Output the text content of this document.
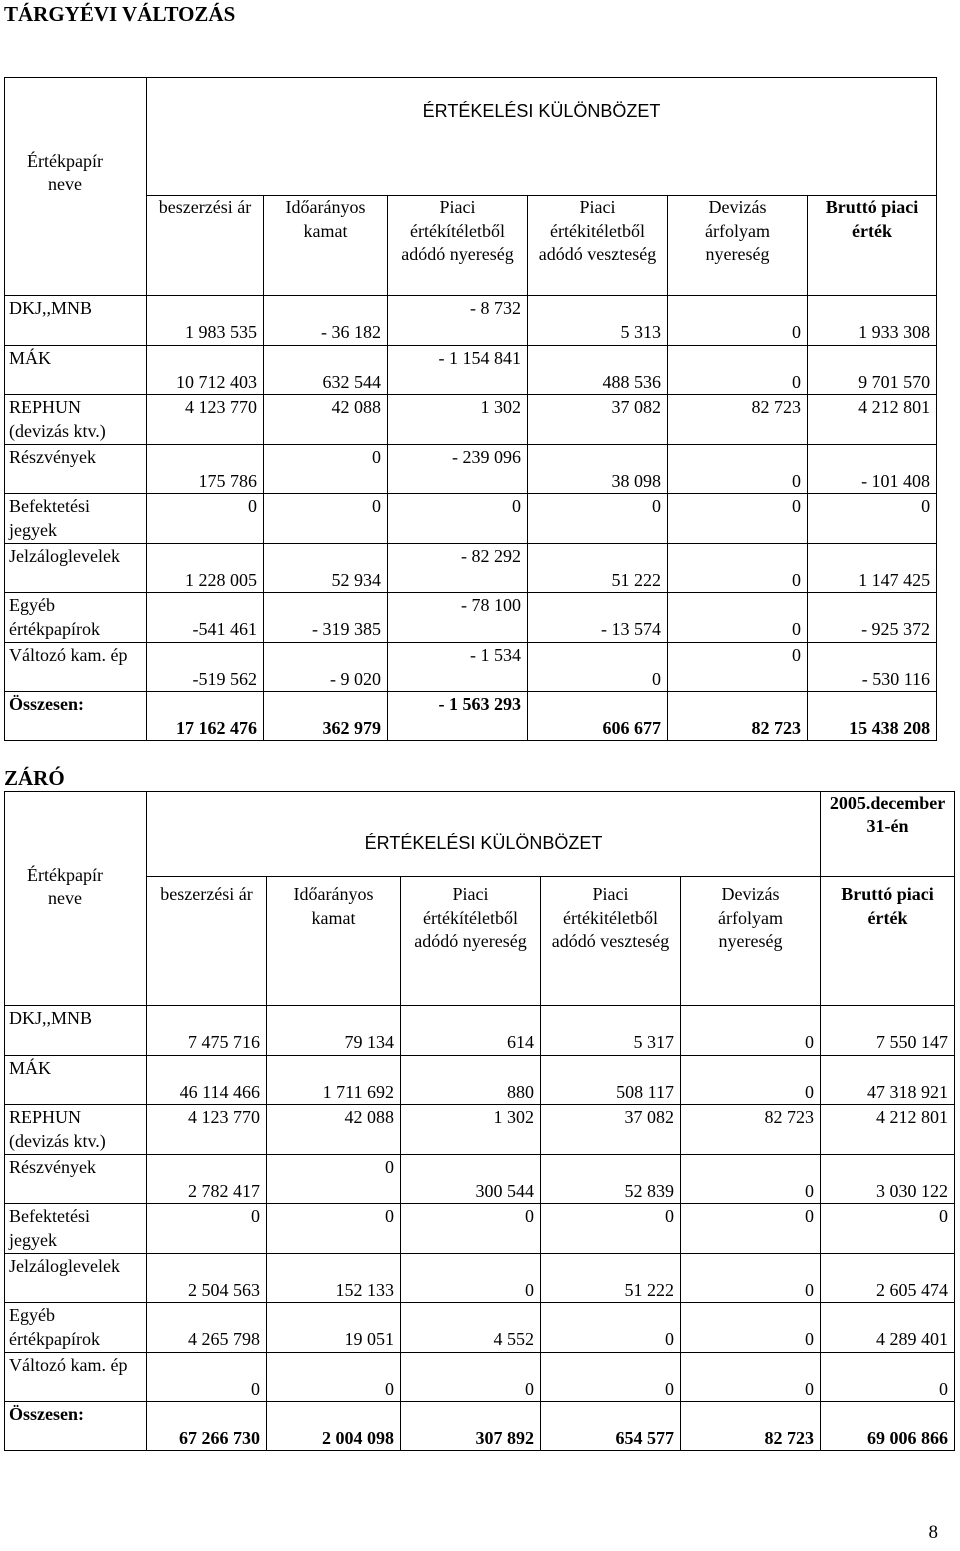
TÁRGYÉVI VÁLTOZÁS
Értékpapír neve	ÉRTÉKELÉSI KÜLÖNBÖZET					
	beszerzési ár	Időarányos kamat	Piaci értékítéletből adódó nyereség	Piaci értékitéletből adódó veszteség	Devizás árfolyam nyereség	Bruttó piaci érték
DKJ,,MNB	1 983 535	- 36 182	- 8 732	5 313	0	1 933 308

MÁK	10 712 403	632 544	- 1 154 841	488 536	0	9 701 570

REPHUN (devizás ktv.)	4 123 770	42 088	1 302	37 082	82 723	4 212 801

Részvények	175 786	0	- 239 096	38 098	0	- 101 408

Befektetési jegyek	0	0	0	0	0	0

Jelzáloglevelek	1 228 005	52 934	- 82 292	51 222	0	1 147 425

Egyéb értékpapírok	-541 461	- 319 385	- 78 100	- 13 574	0	- 925 372

Változó kam. ép	-519 562	- 9 020	- 1 534	0	0	- 530 116

Összesen:	17 162 476	362 979	- 1 563 293	606 677	82 723	15 438 208
ZÁRÓ
Értékpapír neve	ÉRTÉKELÉSI KÜLÖNBÖZET					2005.december 31-én
	beszerzési ár	Időarányos kamat	Piaci értékítéletből adódó nyereség	Piaci értékitéletből adódó veszteség	Devizás árfolyam nyereség	Bruttó piaci érték
DKJ,,MNB	7 475 716	79 134	614	5 317	0	7 550 147

MÁK	46 114 466	1 711 692	880	508 117	0	47 318 921

REPHUN (devizás ktv.)	4 123 770	42 088	1 302	37 082	82 723	4 212 801

Részvények	2 782 417	0	300 544	52 839	0	3 030 122

Befektetési jegyek	0	0	0	0	0	0

Jelzáloglevelek	2 504 563	152 133	0	51 222	0	2 605 474

Egyéb értékpapírok	4 265 798	19 051	4 552	0	0	4 289 401

Változó kam. ép	0	0	0	0	0	0

Összesen:	67 266 730	2 004 098	307 892	654 577	82 723	69 006 866
8
